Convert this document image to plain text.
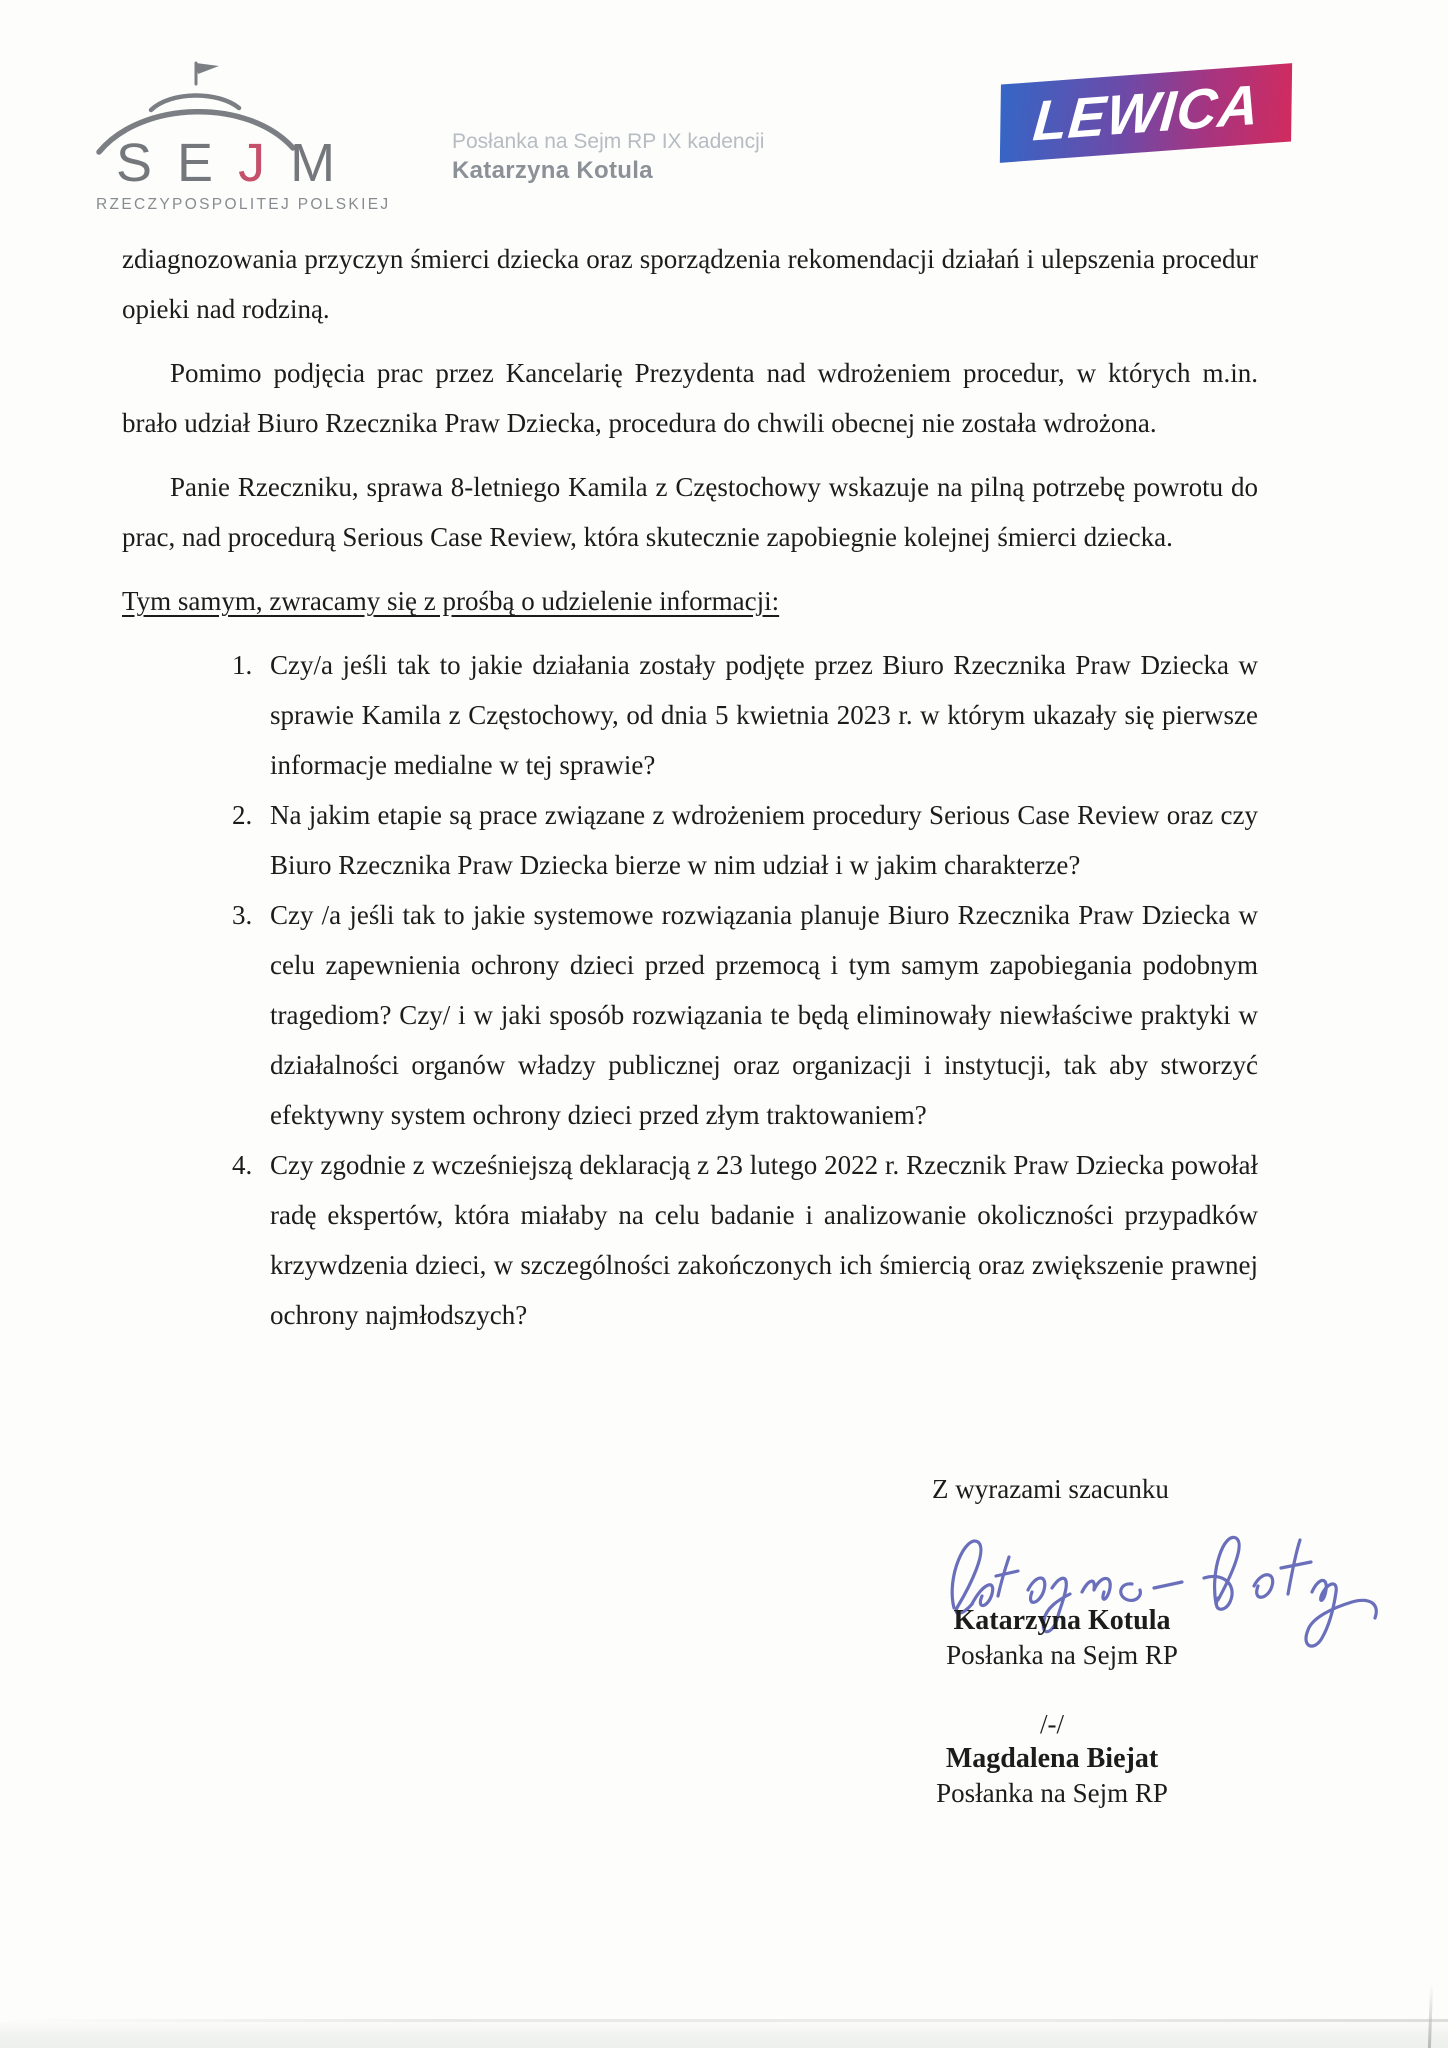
S E J M
RZECZYPOSPOLITEJ POLSKIEJ
Posłanka na Sejm RP IX kadencji
Katarzyna Kotula
LEWICA

zdiagnozowania przyczyn śmierci dziecka oraz sporządzenia rekomendacji działań i ulepszenia procedur opieki nad rodziną.

Pomimo podjęcia prac przez Kancelarię Prezydenta nad wdrożeniem procedur, w których m.in. brało udział Biuro Rzecznika Praw Dziecka, procedura do chwili obecnej nie została wdrożona.

Panie Rzeczniku, sprawa 8-letniego Kamila z Częstochowy wskazuje na pilną potrzebę powrotu do prac, nad procedurą Serious Case Review, która skutecznie zapobiegnie kolejnej śmierci dziecka.

Tym samym, zwracamy się z prośbą o udzielenie informacji:

Czy/a jeśli tak to jakie działania zostały podjęte przez Biuro Rzecznika Praw Dziecka w sprawie Kamila z Częstochowy, od dnia 5 kwietnia 2023 r. w którym ukazały się pierwsze informacje medialne w tej sprawie?
Na jakim etapie są prace związane z wdrożeniem procedury Serious Case Review oraz czy Biuro Rzecznika Praw Dziecka bierze w nim udział i w jakim charakterze?
Czy /a jeśli tak to jakie systemowe rozwiązania planuje Biuro Rzecznika Praw Dziecka w celu zapewnienia ochrony dzieci przed przemocą i tym samym zapobiegania podobnym tragediom? Czy/ i w jaki sposób rozwiązania te będą eliminowały niewłaściwe praktyki w działalności organów władzy publicznej oraz organizacji i instytucji, tak aby stworzyć efektywny system ochrony dzieci przed złym traktowaniem?
Czy zgodnie z wcześniejszą deklaracją z 23 lutego 2022 r. Rzecznik Praw Dziecka powołał radę ekspertów, która miałaby na celu badanie i analizowanie okoliczności przypadków krzywdzenia dzieci, w szczególności zakończonych ich śmiercią oraz zwiększenie prawnej ochrony najmłodszych?
Z wyrazami szacunku
Katarzyna Kotula
Posłanka na Sejm RP
/-/
Magdalena Biejat
Posłanka na Sejm RP
